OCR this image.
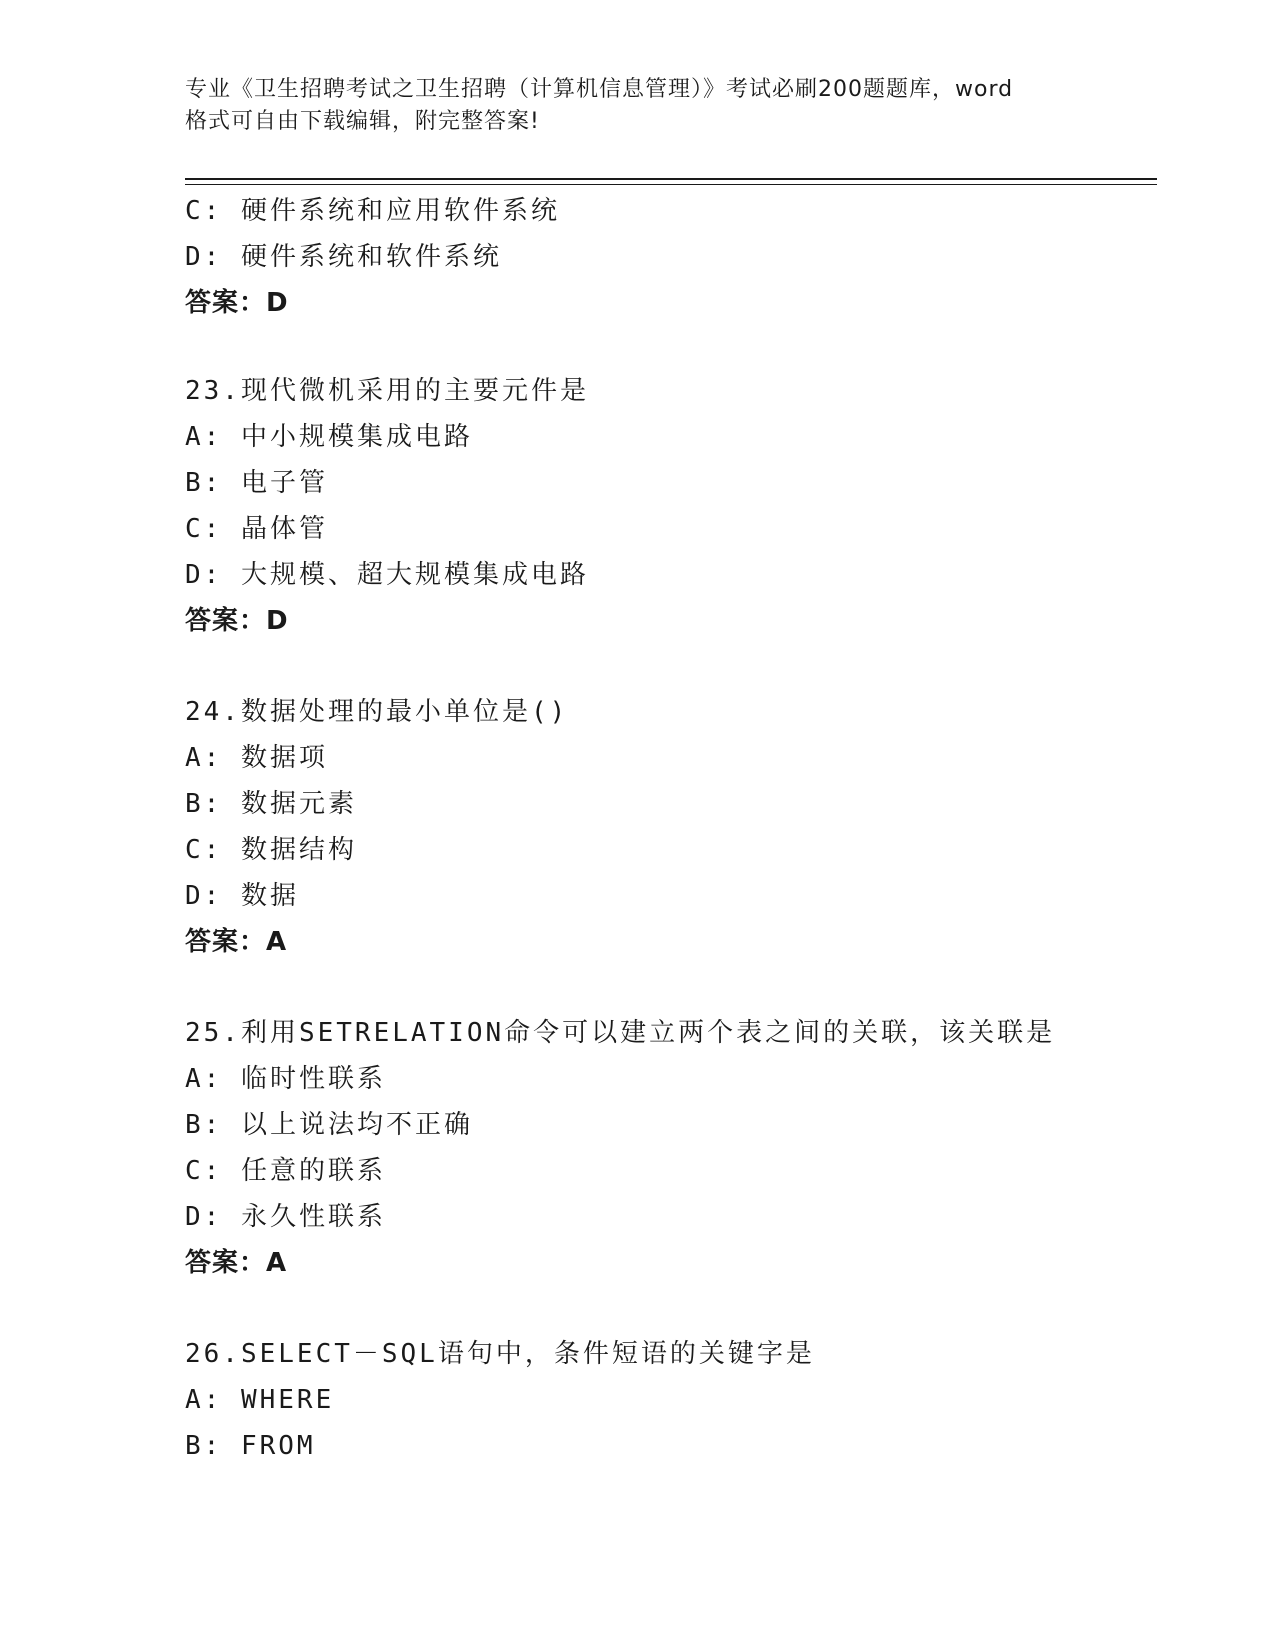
专业《卫生招聘考试之卫生招聘（计算机信息管理）》考试必刷200题题库，word

格式可自由下载编辑，附完整答案!

C: 硬件系统和应用软件系统
D: 硬件系统和软件系统
答案：D
23.现代微机采用的主要元件是
A: 中小规模集成电路
B: 电子管
C: 晶体管
D: 大规模、超大规模集成电路
答案：D
24.数据处理的最小单位是()
A: 数据项
B: 数据元素
C: 数据结构
D: 数据
答案：A
25.利用SETRELATION命令可以建立两个表之间的关联，该关联是
A: 临时性联系
B: 以上说法均不正确
C: 任意的联系
D: 永久性联系
答案：A
26.SELECT－SQL语句中，条件短语的关键字是
A: WHERE
B: FROM
